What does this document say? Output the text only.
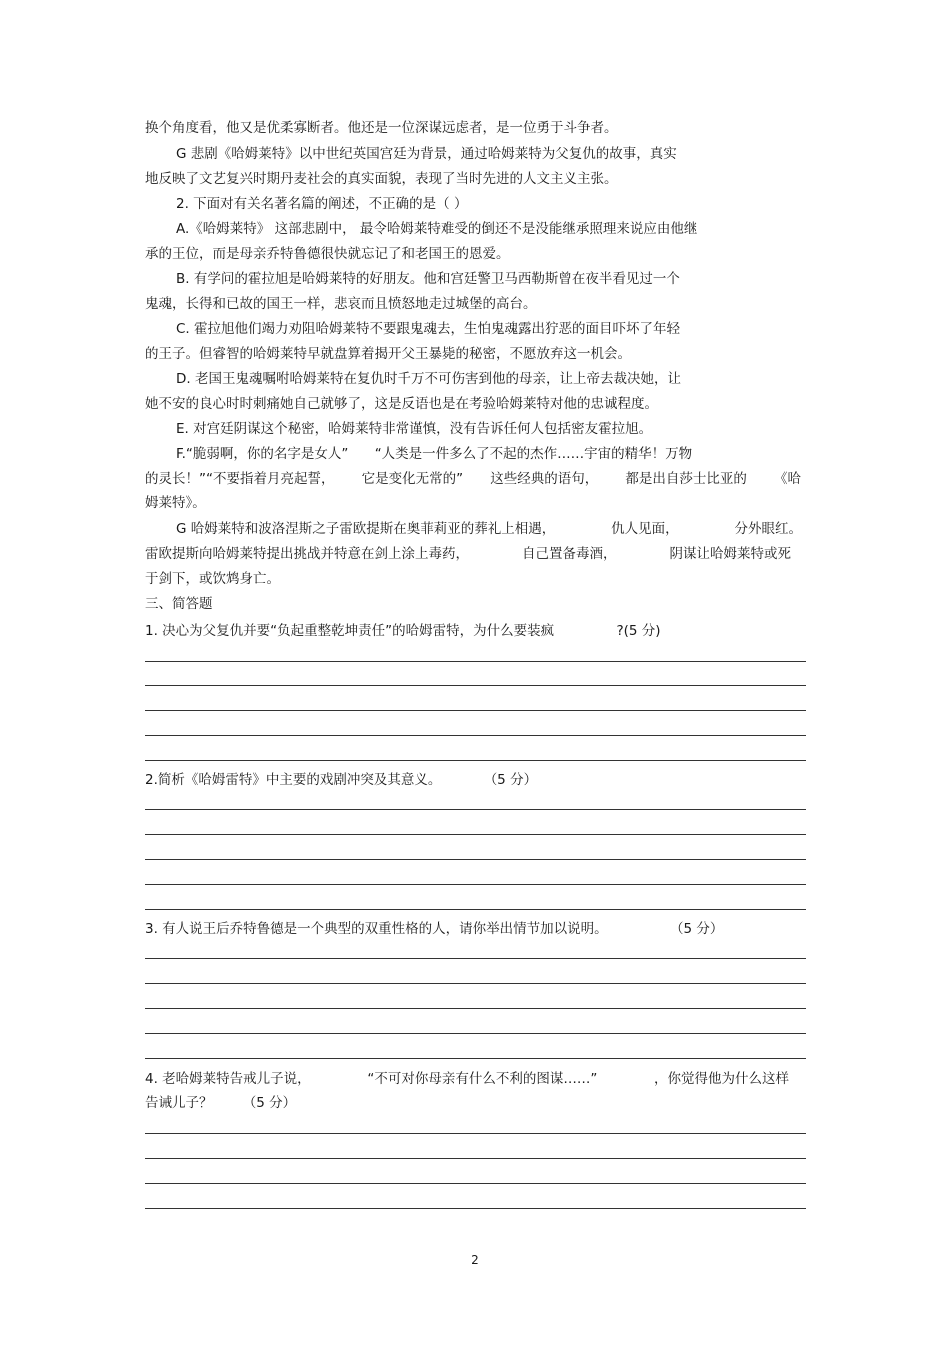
换个角度看，他又是优柔寡断者。他还是一位深谋远虑者，是一位勇于斗争者。
G 悲剧《哈姆莱特》以中世纪英国宫廷为背景，通过哈姆莱特为父复仇的故事，真实
地反映了文艺复兴时期丹麦社会的真实面貌，表现了当时先进的人文主义主张。
2. 下面对有关名著名篇的阐述，不正确的是（ ）
A.《哈姆莱特》 这部悲剧中， 最令哈姆莱特难受的倒还不是没能继承照理来说应由他继
承的王位，而是母亲乔特鲁德很快就忘记了和老国王的恩爱。
B. 有学问的霍拉旭是哈姆莱特的好朋友。他和宫廷警卫马西勒斯曾在夜半看见过一个
鬼魂，长得和已故的国王一样，悲哀而且愤怒地走过城堡的高台。
C. 霍拉旭他们竭力劝阻哈姆莱特不要跟鬼魂去，生怕鬼魂露出狞恶的面目吓坏了年轻
的王子。但睿智的哈姆莱特早就盘算着揭开父王暴毙的秘密，不愿放弃这一机会。
D. 老国王鬼魂嘱咐哈姆莱特在复仇时千万不可伤害到他的母亲，让上帝去裁决她，让
她不安的良心时时刺痛她自己就够了，这是反语也是在考验哈姆莱特对他的忠诚程度。
E. 对宫廷阴谋这个秘密，哈姆莱特非常谨慎，没有告诉任何人包括密友霍拉旭。
F.“脆弱啊，你的名字是女人” “人类是一件多么了不起的杰作……宇宙的精华！万物
的灵长！”“不要指着月亮起誓， 它是变化无常的” 这些经典的语句， 都是出自莎士比亚的 《哈
姆莱特》。
G 哈姆莱特和波洛涅斯之子雷欧提斯在奥菲莉亚的葬礼上相遇，	仇人见面，	分外眼红。
雷欧提斯向哈姆莱特提出挑战并特意在剑上涂上毒药，	自己置备毒酒，	阴谋让哈姆莱特或死
于剑下，或饮鸩身亡。
三、简答题
1. 决心为父复仇并要“负起重整乾坤责任”的哈姆雷特，为什么要装疯	?(5 分)
2.简析《哈姆雷特》中主要的戏剧冲突及其意义。	（5 分）
3. 有人说王后乔特鲁德是一个典型的双重性格的人，请你举出情节加以说明。	（5 分）
4. 老哈姆莱特告戒儿子说，	“不可对你母亲有什么不利的图谋……”	，你觉得他为什么这样
告诫儿子？ （5 分）
2
